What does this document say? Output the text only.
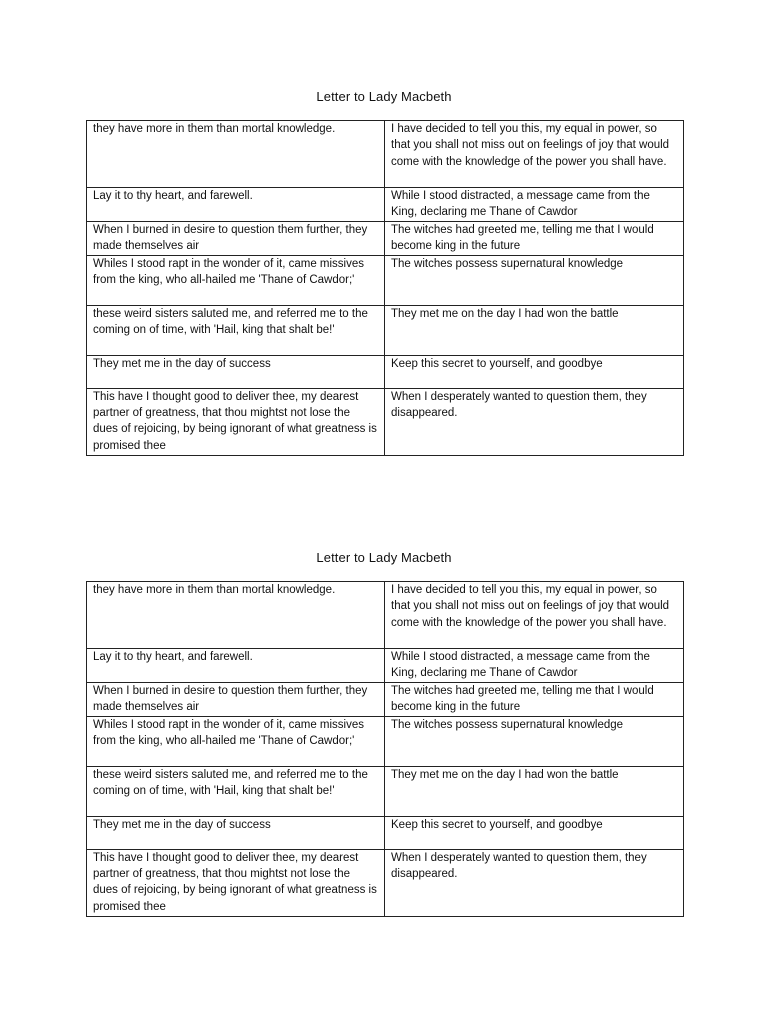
Letter to Lady Macbeth
they have more in them than mortal knowledge.	I have decided to tell you this, my equal in power, so that you shall not miss out on feelings of joy that would come with the knowledge of the power you shall have.
Lay it to thy heart, and farewell.	While I stood distracted, a message came from the King, declaring me Thane of Cawdor
When I burned in desire to question them further, they made themselves air	The witches had greeted me, telling me that I would become king in the future
Whiles I stood rapt in the wonder of it, came missives from the king, who all-hailed me 'Thane of Cawdor;'	The witches possess supernatural knowledge
these weird sisters saluted me, and referred me to the coming on of time, with 'Hail, king that shalt be!'	They met me on the day I had won the battle
They met me in the day of success	Keep this secret to yourself, and goodbye
This have I thought good to deliver thee, my dearest partner of greatness, that thou mightst not lose the dues of rejoicing, by being ignorant of what greatness is promised thee	When I desperately wanted to question them, they disappeared.
Letter to Lady Macbeth
they have more in them than mortal knowledge.	I have decided to tell you this, my equal in power, so that you shall not miss out on feelings of joy that would come with the knowledge of the power you shall have.
Lay it to thy heart, and farewell.	While I stood distracted, a message came from the King, declaring me Thane of Cawdor
When I burned in desire to question them further, they made themselves air	The witches had greeted me, telling me that I would become king in the future
Whiles I stood rapt in the wonder of it, came missives from the king, who all-hailed me 'Thane of Cawdor;'	The witches possess supernatural knowledge
these weird sisters saluted me, and referred me to the coming on of time, with 'Hail, king that shalt be!'	They met me on the day I had won the battle
They met me in the day of success	Keep this secret to yourself, and goodbye
This have I thought good to deliver thee, my dearest partner of greatness, that thou mightst not lose the dues of rejoicing, by being ignorant of what greatness is promised thee	When I desperately wanted to question them, they disappeared.
